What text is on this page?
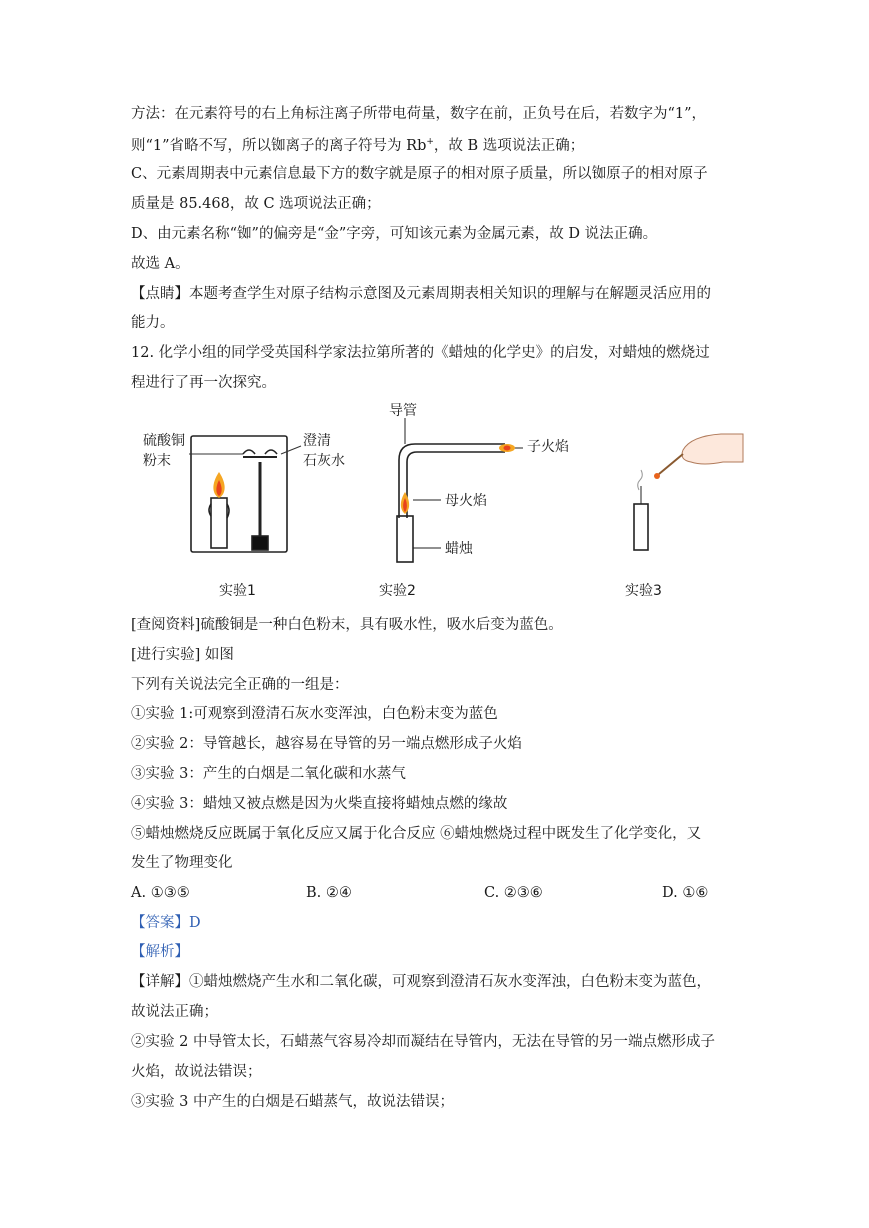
方法：在元素符号的右上角标注离子所带电荷量，数字在前，正负号在后，若数字为“1”，
则“1”省略不写，所以铷离子的离子符号为 Rb+，故 B 选项说法正确；
C、元素周期表中元素信息最下方的数字就是原子的相对原子质量，所以铷原子的相对原子
质量是 85.468，故 C 选项说法正确；
D、由元素名称“铷”的偏旁是“金”字旁，可知该元素为金属元素，故 D 说法正确。
故选 A。
【点睛】本题考查学生对原子结构示意图及元素周期表相关知识的理解与在解题灵活应用的
能力。
12. 化学小组的同学受英国科学家法拉第所著的《蜡烛的化学史》的启发，对蜡烛的燃烧过
程进行了再一次探究。
硫酸铜
粉末
澄清
石灰水
实验1
导管
子火焰
母火焰
蜡烛
实验2	实验3
[查阅资料]硫酸铜是一种白色粉末，具有吸水性，吸水后变为蓝色。
[进行实验] 如图
下列有关说法完全正确的一组是：
①实验 1:可观察到澄清石灰水变浑浊，白色粉末变为蓝色
②实验 2：导管越长，越容易在导管的另一端点燃形成子火焰
③实验 3：产生的白烟是二氧化碳和水蒸气
④实验 3：蜡烛又被点燃是因为火柴直接将蜡烛点燃的缘故
⑤蜡烛燃烧反应既属于氧化反应又属于化合反应 ⑥蜡烛燃烧过程中既发生了化学变化，又
发生了物理变化
A. ①③⑤	B. ②④	C. ②③⑥	D. ①⑥
【答案】D
【解析】
【详解】①蜡烛燃烧产生水和二氧化碳，可观察到澄清石灰水变浑浊，白色粉末变为蓝色，
故说法正确；
②实验 2 中导管太长，石蜡蒸气容易冷却而凝结在导管内，无法在导管的另一端点燃形成子
火焰，故说法错误；
③实验 3 中产生的白烟是石蜡蒸气，故说法错误；
